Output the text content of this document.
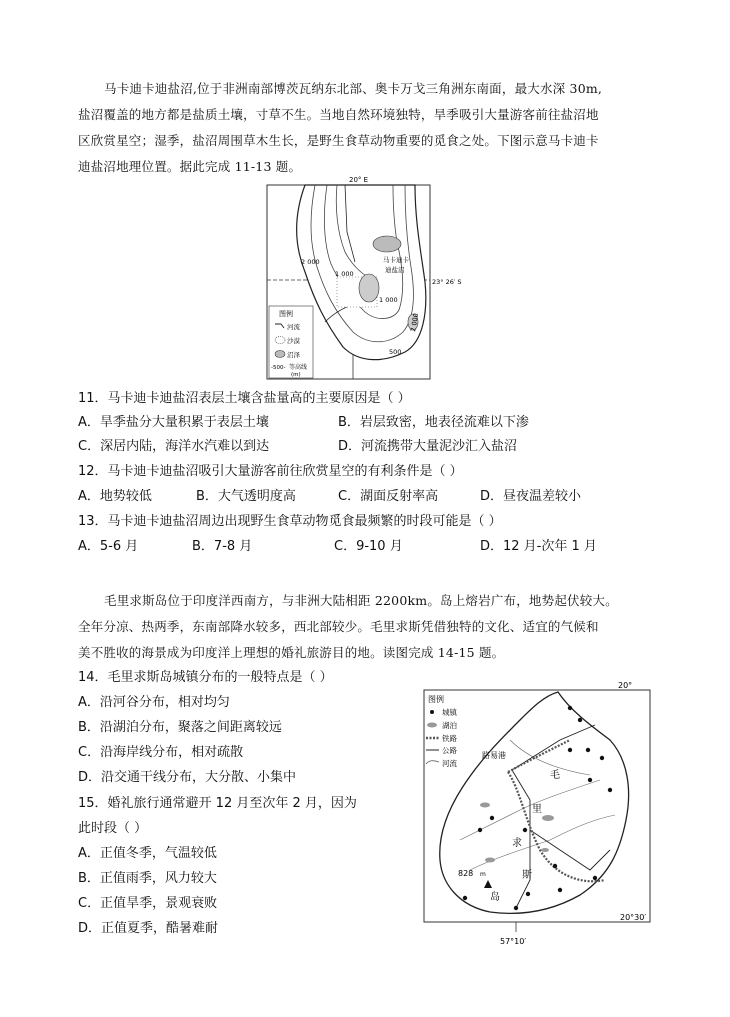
马卡迪卡迪盐沼,位于非洲南部博茨瓦纳东北部、奥卡万戈三角洲东南面，最大水深 30m,
盐沼覆盖的地方都是盐质土壤，寸草不生。当地自然环境独特，旱季吸引大量游客前往盐沼地
区欣赏星空；湿季，盐沼周围草木生长，是野生食草动物重要的觅食之处。下图示意马卡迪卡
迪盐沼地理位置。据此完成 11-13 题。
20° E
23° 26′ S
2 000
1 000
1 000
2 000
500
马卡迪卡
迪盐沼
图例
河流
沙漠
沼泽
-500- 等高线
(m)
11．马卡迪卡迪盐沼表层土壤含盐量高的主要原因是（ ）
A．旱季盐分大量积累于表层土壤	B．岩层致密，地表径流难以下渗
C．深居内陆，海洋水汽难以到达	D．河流携带大量泥沙汇入盐沼
12．马卡迪卡迪盐沼吸引大量游客前往欣赏星空的有利条件是（ ）
A．地势较低	B．大气透明度高	C．湖面反射率高	D．昼夜温差较小
13．马卡迪卡迪盐沼周边出现野生食草动物觅食最频繁的时段可能是（ ）
A．5-6 月	B．7-8 月	C．9-10 月	D．12 月-次年 1 月
毛里求斯岛位于印度洋西南方，与非洲大陆相距 2200km。岛上熔岩广布，地势起伏较大。
全年分凉、热两季，东南部降水较多，西北部较少。毛里求斯凭借独特的文化、适宜的气候和
美不胜收的海景成为印度洋上理想的婚礼旅游目的地。读图完成 14-15 题。
14．毛里求斯岛城镇分布的一般特点是（ ）
A．沿河谷分布，相对均匀
B．沿湖泊分布，聚落之间距离较远
C．沿海岸线分布，相对疏散
D．沿交通干线分布，大分散、小集中
15．婚礼旅行通常避开 12 月至次年 2 月，因为
此时段（ ）
A．正值冬季，气温较低
B．正值雨季，风力较大
C．正值旱季，景观衰败
D．正值夏季，酷暑难耐
20°
20°30′
57°10′
828 m
路易港
毛
里
求
斯
岛
图例
城镇
湖泊
铁路
公路
河流
